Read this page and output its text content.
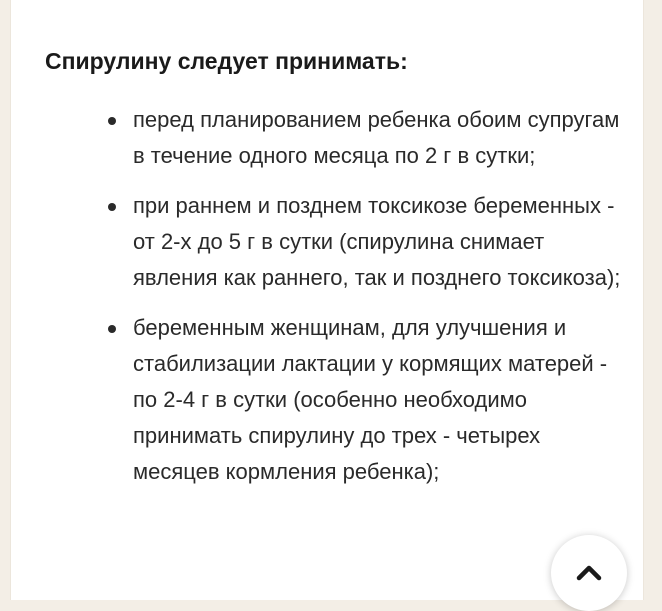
Спирулину следует принимать:
перед планированием ребенка обоим супругам в течение одного месяца по 2 г в сутки;
при раннем и позднем токсикозе беременных - от 2-х до 5 г в сутки (спирулина снимает явления как раннего, так и позднего токсикоза);
беременным женщинам, для улучшения и стабилизации лактации у кормящих матерей - по 2-4 г в сутки (особенно необходимо принимать спирулину до трех - четырех месяцев кормления ребенка);
